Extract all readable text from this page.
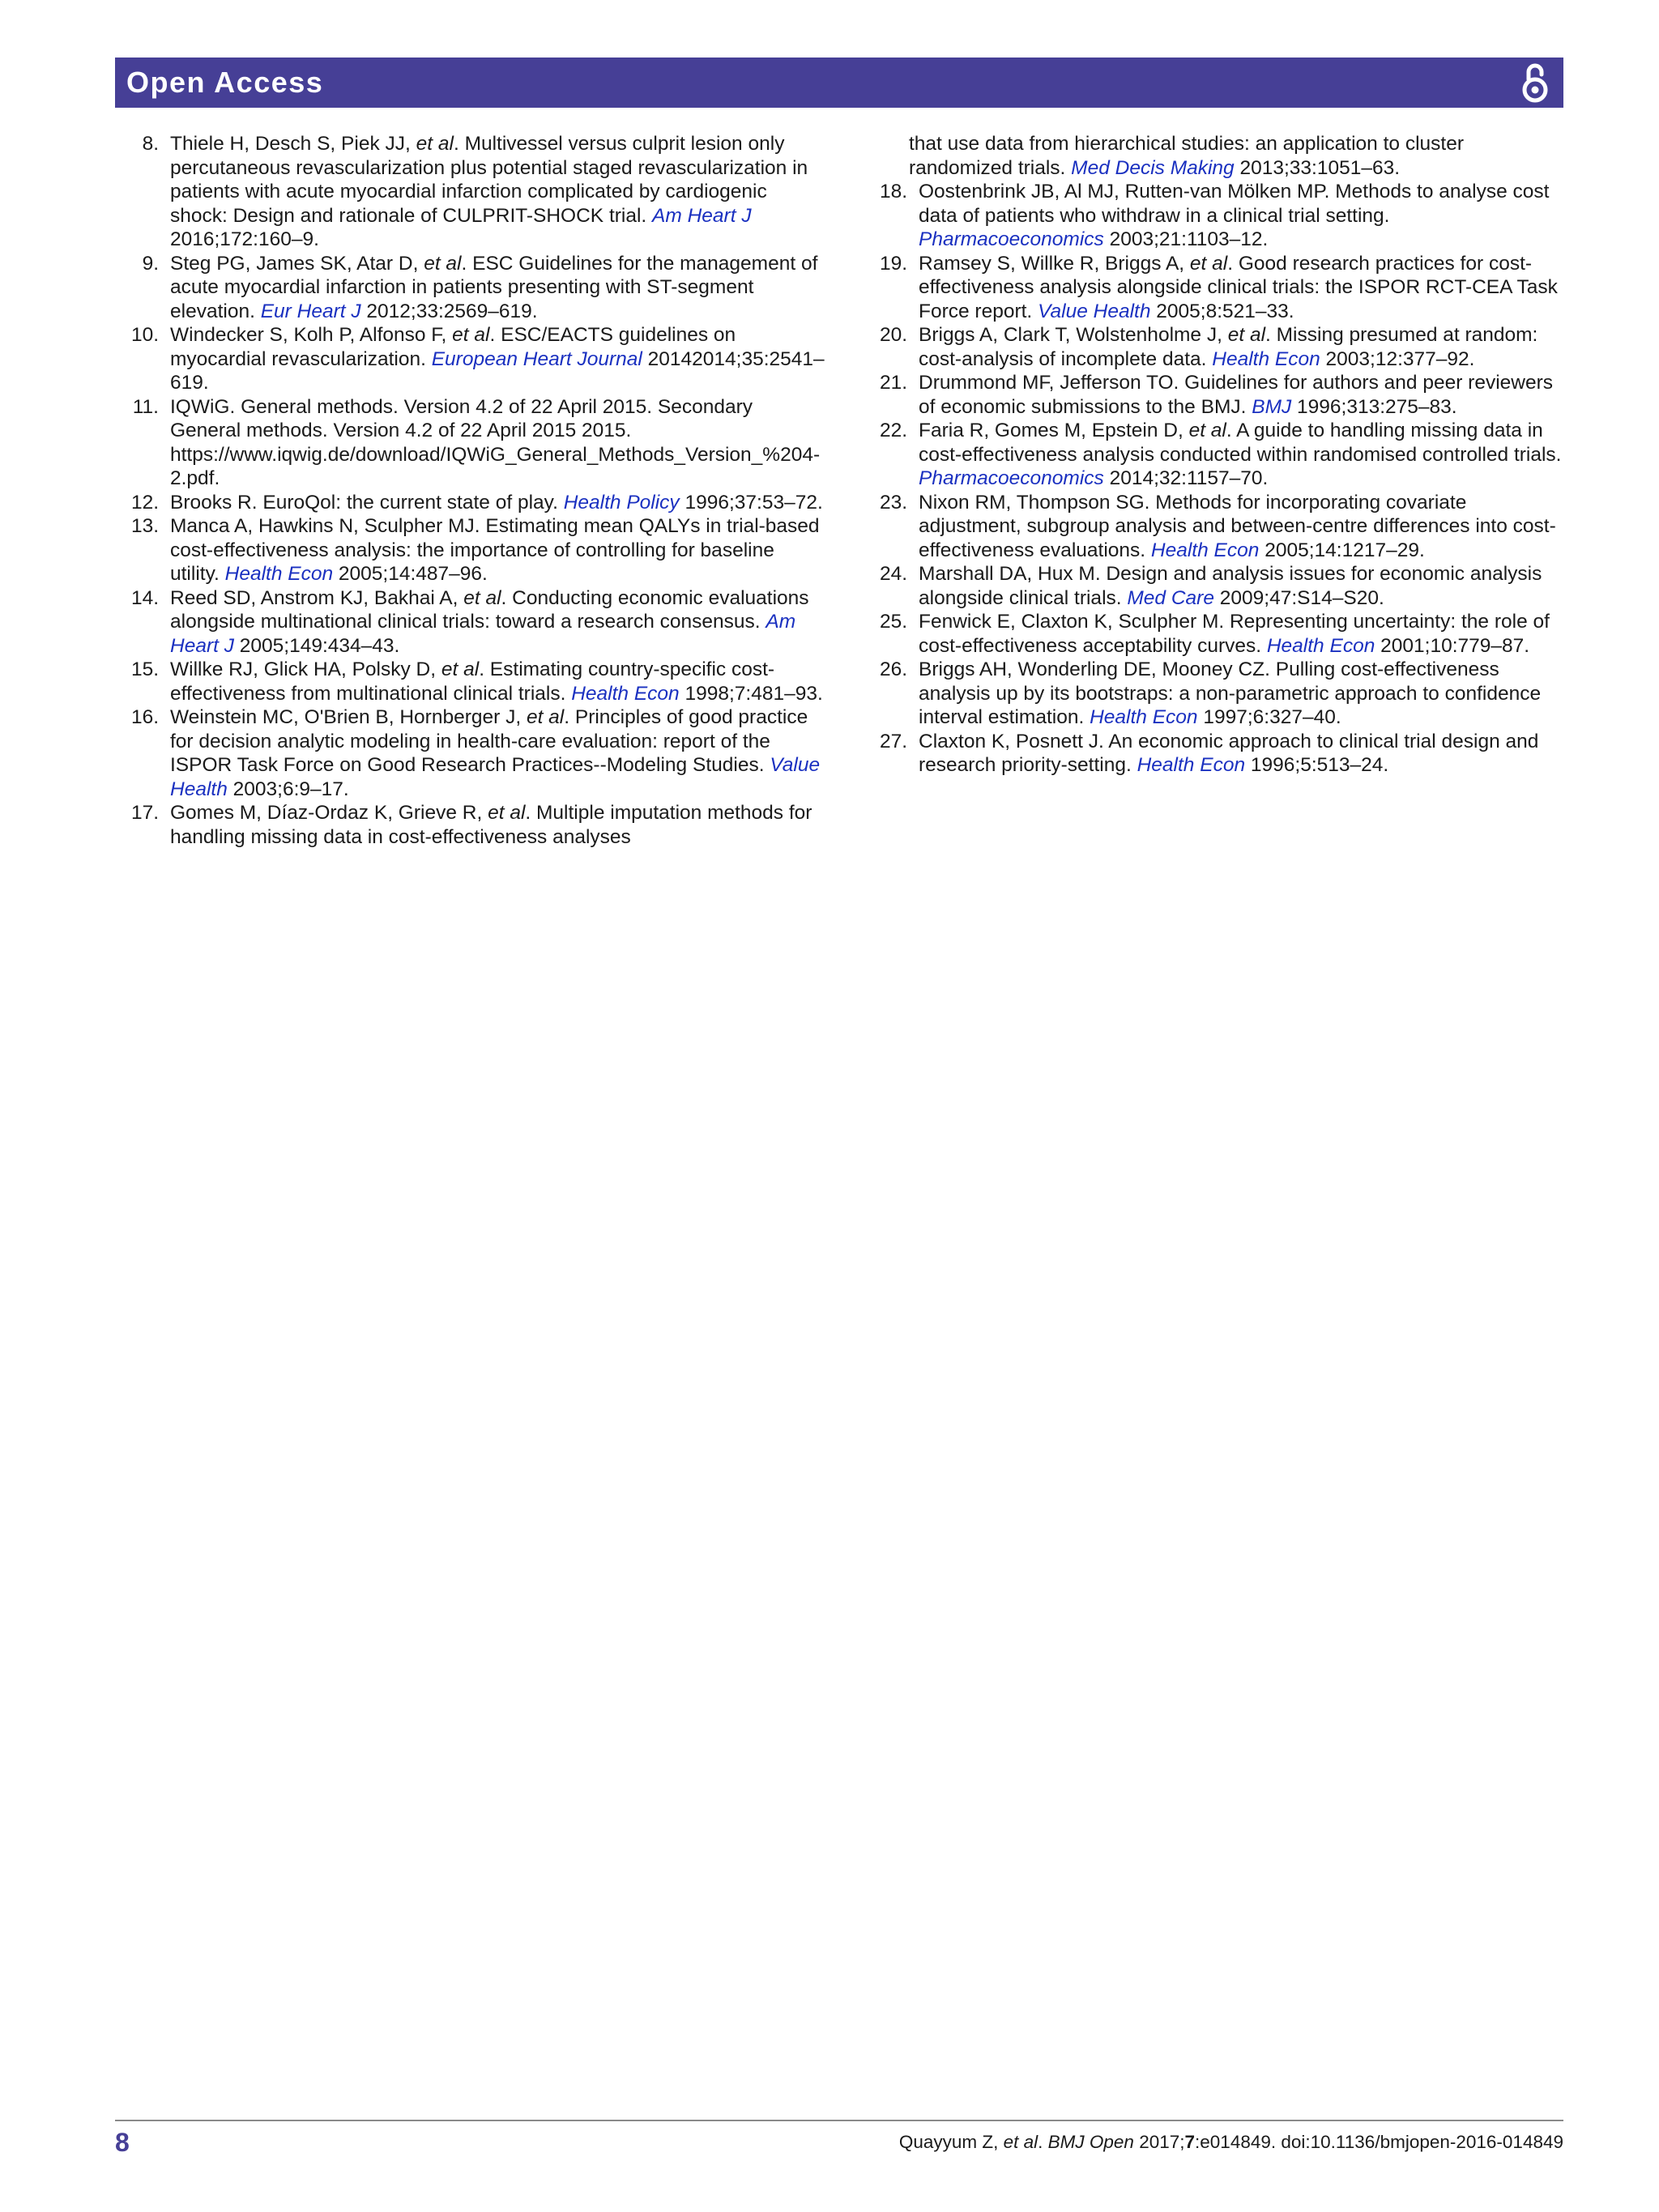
Open Access
8. Thiele H, Desch S, Piek JJ, et al. Multivessel versus culprit lesion only percutaneous revascularization plus potential staged revascularization in patients with acute myocardial infarction complicated by cardiogenic shock: Design and rationale of CULPRIT-SHOCK trial. Am Heart J 2016;172:160–9.
9. Steg PG, James SK, Atar D, et al. ESC Guidelines for the management of acute myocardial infarction in patients presenting with ST-segment elevation. Eur Heart J 2012;33:2569–619.
10. Windecker S, Kolh P, Alfonso F, et al. ESC/EACTS guidelines on myocardial revascularization. European Heart Journal 20142014;35:2541–619.
11. IQWiG. General methods. Version 4.2 of 22 April 2015. Secondary General methods. Version 4.2 of 22 April 2015 2015. https://www.iqwig.de/download/IQWiG_General_Methods_Version_%204-2.pdf.
12. Brooks R. EuroQol: the current state of play. Health Policy 1996;37:53–72.
13. Manca A, Hawkins N, Sculpher MJ. Estimating mean QALYs in trial-based cost-effectiveness analysis: the importance of controlling for baseline utility. Health Econ 2005;14:487–96.
14. Reed SD, Anstrom KJ, Bakhai A, et al. Conducting economic evaluations alongside multinational clinical trials: toward a research consensus. Am Heart J 2005;149:434–43.
15. Willke RJ, Glick HA, Polsky D, et al. Estimating country-specific cost-effectiveness from multinational clinical trials. Health Econ 1998;7:481–93.
16. Weinstein MC, O'Brien B, Hornberger J, et al. Principles of good practice for decision analytic modeling in health-care evaluation: report of the ISPOR Task Force on Good Research Practices--Modeling Studies. Value Health 2003;6:9–17.
17. Gomes M, Díaz-Ordaz K, Grieve R, et al. Multiple imputation methods for handling missing data in cost-effectiveness analyses
that use data from hierarchical studies: an application to cluster randomized trials. Med Decis Making 2013;33:1051–63.
18. Oostenbrink JB, Al MJ, Rutten-van Mölken MP. Methods to analyse cost data of patients who withdraw in a clinical trial setting. Pharmacoeconomics 2003;21:1103–12.
19. Ramsey S, Willke R, Briggs A, et al. Good research practices for cost-effectiveness analysis alongside clinical trials: the ISPOR RCT-CEA Task Force report. Value Health 2005;8:521–33.
20. Briggs A, Clark T, Wolstenholme J, et al. Missing presumed at random: cost-analysis of incomplete data. Health Econ 2003;12:377–92.
21. Drummond MF, Jefferson TO. Guidelines for authors and peer reviewers of economic submissions to the BMJ. BMJ 1996;313:275–83.
22. Faria R, Gomes M, Epstein D, et al. A guide to handling missing data in cost-effectiveness analysis conducted within randomised controlled trials. Pharmacoeconomics 2014;32:1157–70.
23. Nixon RM, Thompson SG. Methods for incorporating covariate adjustment, subgroup analysis and between-centre differences into cost-effectiveness evaluations. Health Econ 2005;14:1217–29.
24. Marshall DA, Hux M. Design and analysis issues for economic analysis alongside clinical trials. Med Care 2009;47:S14–S20.
25. Fenwick E, Claxton K, Sculpher M. Representing uncertainty: the role of cost-effectiveness acceptability curves. Health Econ 2001;10:779–87.
26. Briggs AH, Wonderling DE, Mooney CZ. Pulling cost-effectiveness analysis up by its bootstraps: a non-parametric approach to confidence interval estimation. Health Econ 1997;6:327–40.
27. Claxton K, Posnett J. An economic approach to clinical trial design and research priority-setting. Health Econ 1996;5:513–24.
8	Quayyum Z, et al. BMJ Open 2017;7:e014849. doi:10.1136/bmjopen-2016-014849
